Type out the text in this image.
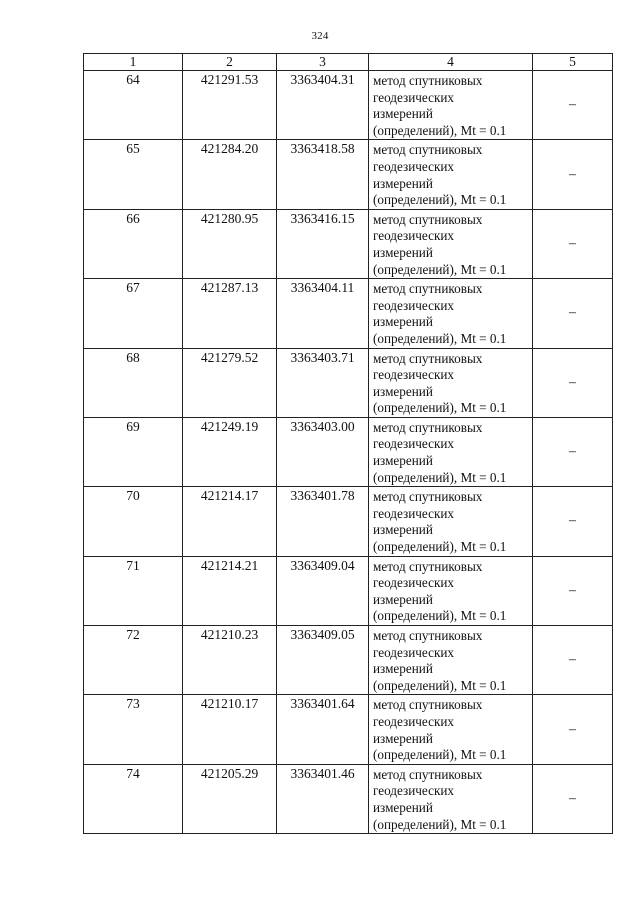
324
1	2	3	4	5
64	421291.53	3363404.31	метод спутниковых
геодезических
измерений
(определений), Mt = 0.1	–
65	421284.20	3363418.58	метод спутниковых
геодезических
измерений
(определений), Mt = 0.1	–
66	421280.95	3363416.15	метод спутниковых
геодезических
измерений
(определений), Mt = 0.1	–
67	421287.13	3363404.11	метод спутниковых
геодезических
измерений
(определений), Mt = 0.1	–
68	421279.52	3363403.71	метод спутниковых
геодезических
измерений
(определений), Mt = 0.1	–
69	421249.19	3363403.00	метод спутниковых
геодезических
измерений
(определений), Mt = 0.1	–
70	421214.17	3363401.78	метод спутниковых
геодезических
измерений
(определений), Mt = 0.1	–
71	421214.21	3363409.04	метод спутниковых
геодезических
измерений
(определений), Mt = 0.1	–
72	421210.23	3363409.05	метод спутниковых
геодезических
измерений
(определений), Mt = 0.1	–
73	421210.17	3363401.64	метод спутниковых
геодезических
измерений
(определений), Mt = 0.1	–
74	421205.29	3363401.46	метод спутниковых
геодезических
измерений
(определений), Mt = 0.1	–
